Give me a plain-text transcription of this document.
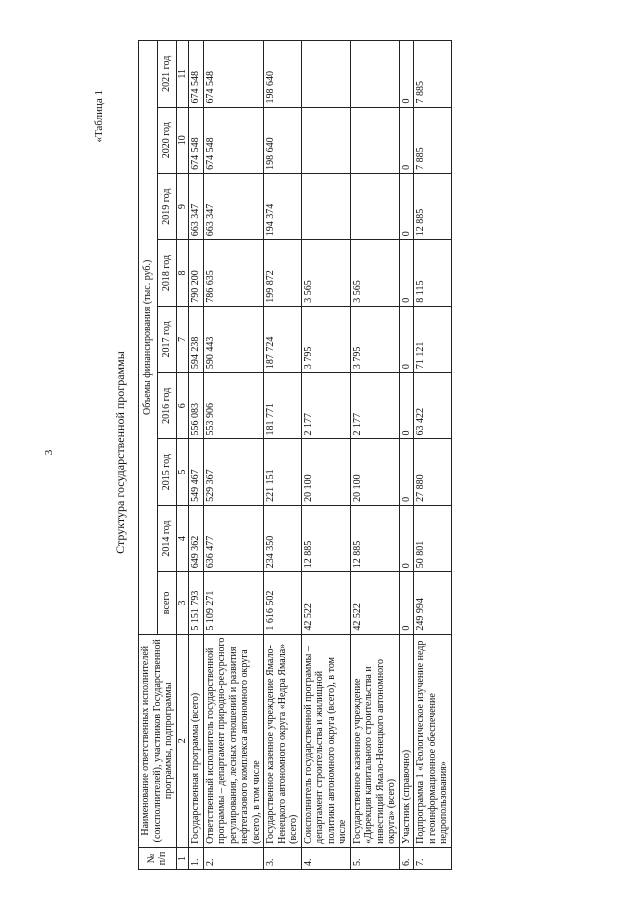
3
«Таблица 1
Структура государственной программы
№ п/п	Наименование ответственных исполнителей (соисполнителей), участников Государственной программы, подпрограммы	Объемы финансирования (тыс. руб.)								
		всего	2014 год	2015 год	2016 год	2017 год	2018 год	2019 год	2020 год	2021 год
1	2	3	4	5	6	7	8	9	10	11
1.	Государственная программа (всего)	5 151 793	649 362	549 467	556 083	594 238	790 200	663 347	674 548	674 548
2.	Ответственный исполнитель государственной программы – департамент природно-ресурсного регулирования, лесных отношений и развития нефтегазового комплекса автономного округа (всего), в том числе	5 109 271	636 477	529 367	553 906	590 443	786 635	663 347	674 548	674 548
3.	Государственное казенное учреждение Ямало-Ненецкого автономного округа «Недра Ямала» (всего)	1 616 502	234 350	221 151	181 771	187 724	199 872	194 374	198 640	198 640
4.	Соисполнитель государственной программы – департамент строительства и жилищной политики автономного округа (всего), в том числе	42 522	12 885	20 100	2 177	3 795	3 565			
5.	Государственное казенное учреждение «Дирекция капитального строительства и инвестиций Ямало-Ненецкого автономного округа» (всего)	42 522	12 885	20 100	2 177	3 795	3 565			
6.	Участник (справочно)	0	0	0	0	0	0	0	0	0
7.	Подпрограмма 1 «Геологическое изучение недр и геоинформационное обеспечение недропользования»	249 994	50 801	27 880	63 422	71 121	8 115	12 885	7 885	7 885
